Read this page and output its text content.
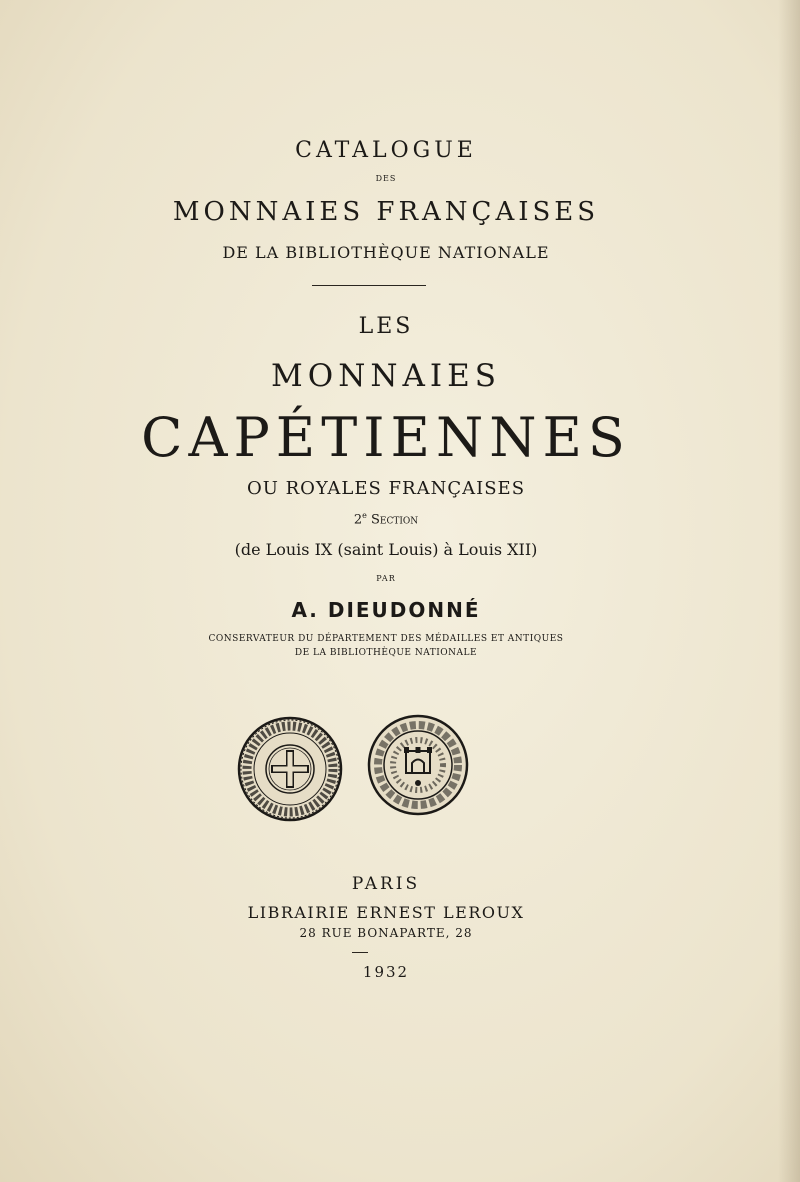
CATALOGUE

DES

MONNAIES FRANÇAISES

DE LA BIBLIOTHÈQUE NATIONALE

LES

MONNAIES

CAPÉTIENNES

OU ROYALES FRANÇAISES

2e Section

(de Louis IX (saint Louis) à Louis XII)

PAR

A. DIEUDONNÉ

CONSERVATEUR DU DÉPARTEMENT DES MÉDAILLES ET ANTIQUES

DE LA BIBLIOTHÈQUE NATIONALE

PARIS

LIBRAIRIE ERNEST LEROUX

28 RUE BONAPARTE, 28

1932
